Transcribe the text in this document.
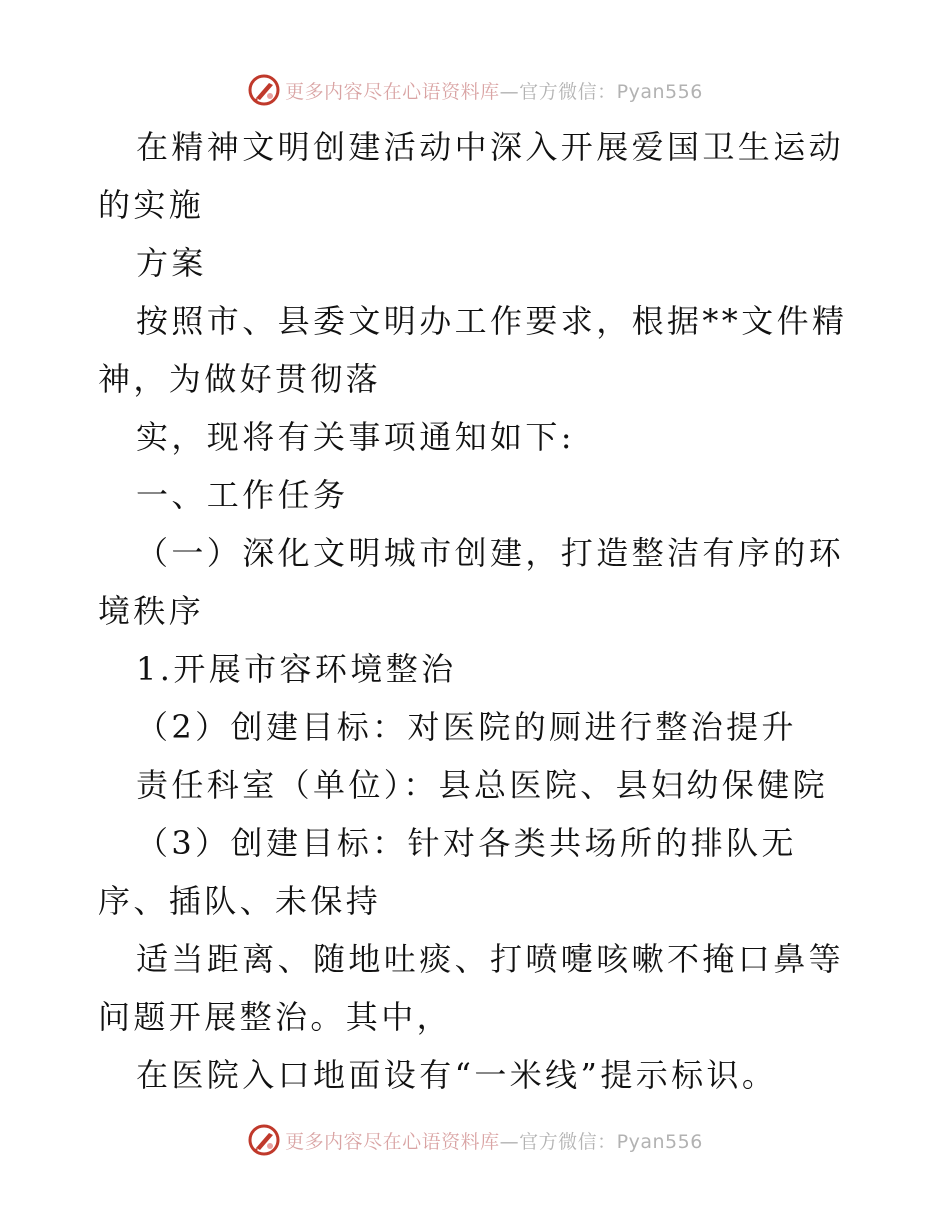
更多内容尽在心语资料库—官方微信：Pyan556

在精神文明创建活动中深入开展爱国卫生运动的实施

方案

按照市、县委文明办工作要求，根据**文件精神，为做好贯彻落

实，现将有关事项通知如下:

一、工作任务

（一）深化文明城市创建，打造整洁有序的环境秩序

1.开展市容环境整治

（2）创建目标：对医院的厕进行整治提升

责任科室（单位）：县总医院、县妇幼保健院

（3）创建目标：针对各类共场所的排队无序、插队、未保持

适当距离、随地吐痰、打喷嚏咳嗽不掩口鼻等问题开展整治。其中，

在医院入口地面设有“一米线”提示标识。

更多内容尽在心语资料库—官方微信：Pyan556
